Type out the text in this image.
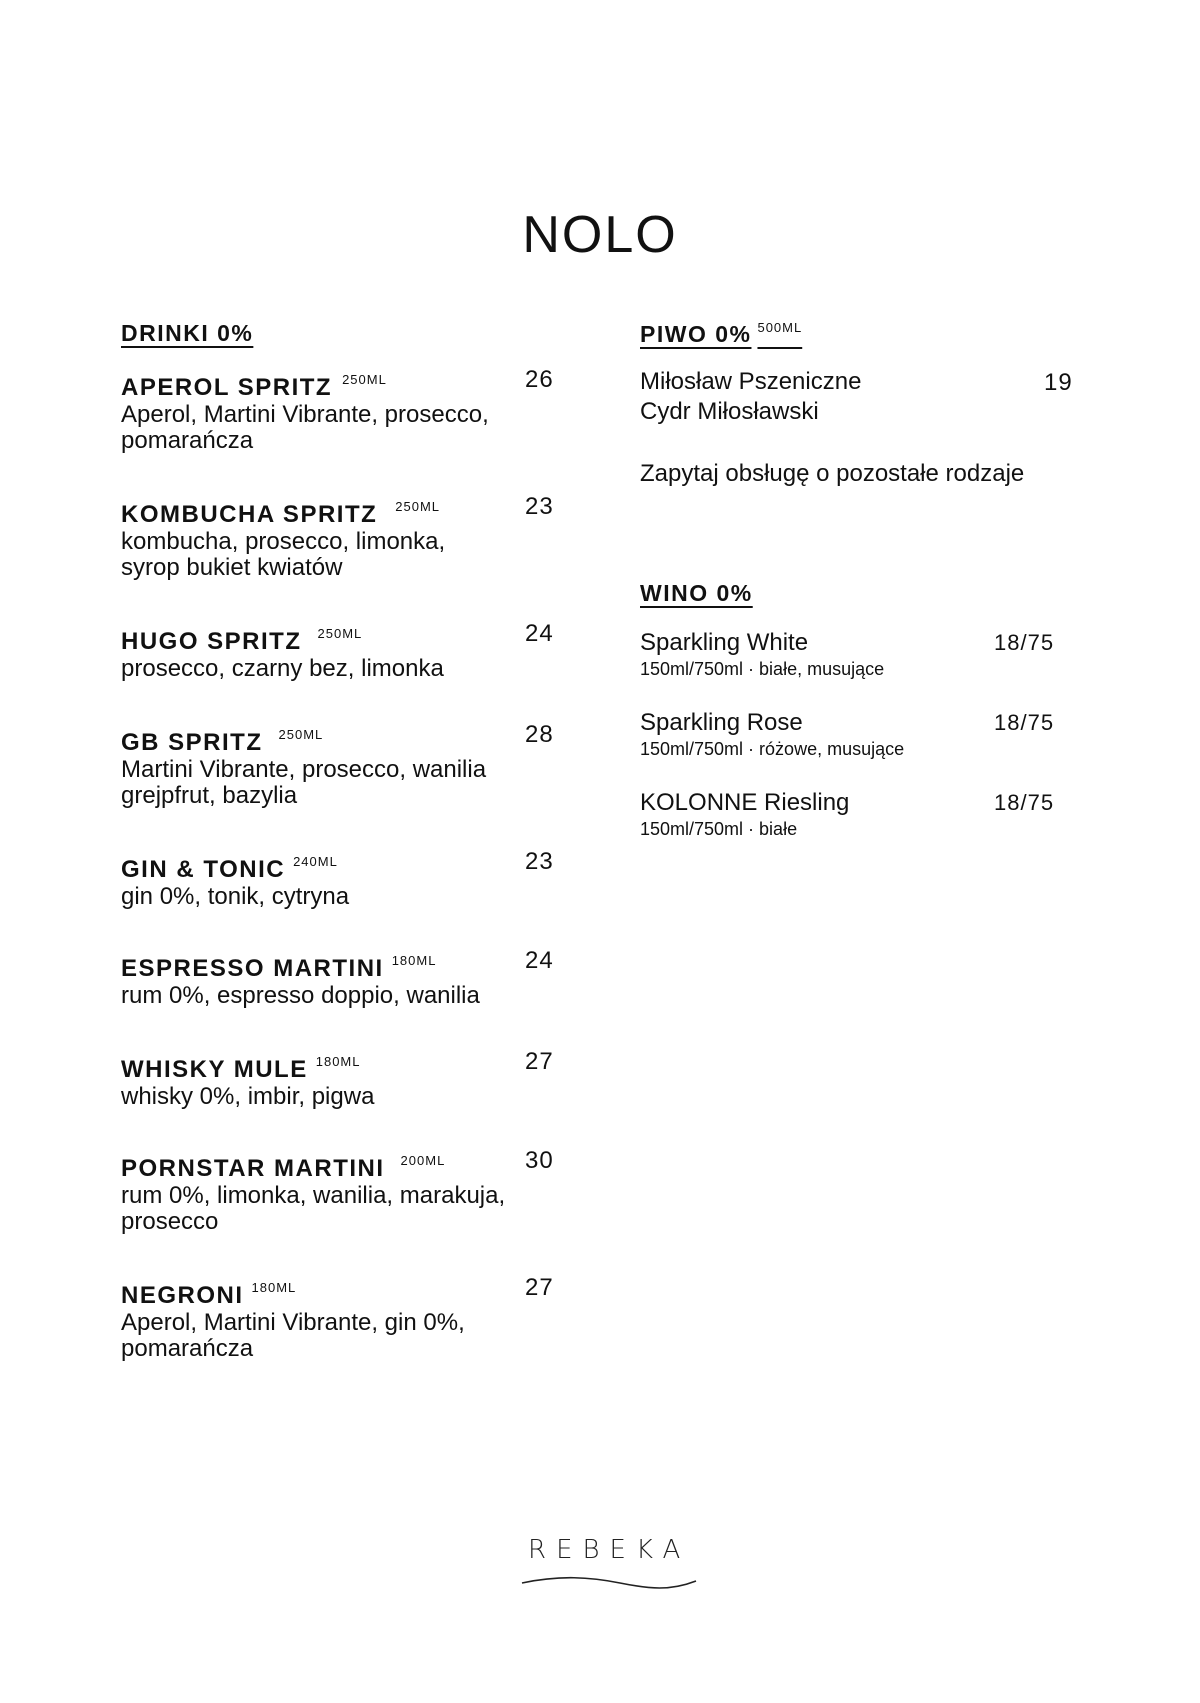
NOLO
DRINKI 0%
APEROL SPRITZ $^{250ML}$
Aperol, Martini Vibrante, prosecco, pomarańcza
26
KOMBUCHA SPRITZ $^{250ML}$
kombucha, prosecco, limonka, syrop bukiet kwiatów
23
HUGO SPRITZ $^{250ML}$
prosecco, czarny bez, limonka
24
GB SPRITZ $^{250ML}$
Martini Vibrante, prosecco, wanilia grejpfrut, bazylia
28
GIN & TONIC $^{240ML}$
gin 0%, tonik, cytryna
23
ESPRESSO MARTINI $^{180ML}$
rum 0%, espresso doppio, wanilia
24
WHISKY MULE $^{180ML}$
whisky 0%, imbir, pigwa
27
PORNSTAR MARTINI $^{200ML}$
rum 0%, limonka, wanilia, marakuja, prosecco
30
NEGRONI $^{180ML}$
Aperol, Martini Vibrante, gin 0%, pomarańcza
27
PIWO 0% $^{500ML}$
Miłosław Pszeniczne
Cydr Miłosławski
19
Zapytaj obsługę o pozostałe rodzaje
WINO 0%
Sparkling White
150ml/750ml · białe, musujące
18/75
Sparkling Rose
150ml/750ml · różowe, musujące
18/75
KOLONNE Riesling
150ml/750ml · białe
18/75
REBEKA
